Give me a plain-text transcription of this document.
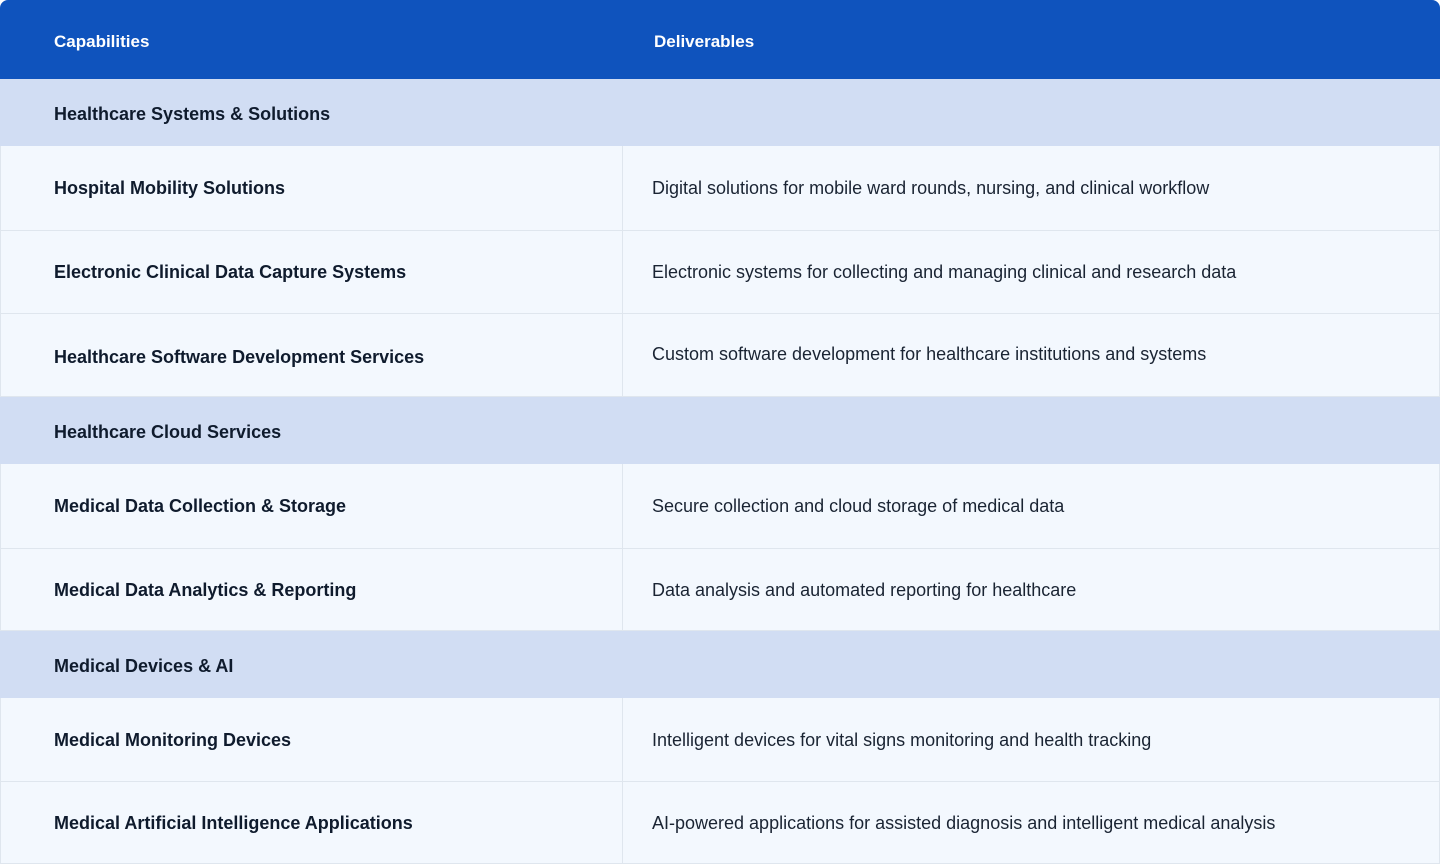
Capabilities	Deliverables
Healthcare Systems & Solutions
Hospital Mobility Solutions	Digital solutions for mobile ward rounds, nursing, and clinical workflow
Electronic Clinical Data Capture Systems	Electronic systems for collecting and managing clinical and research data
Healthcare Software Development Services	Custom software development for healthcare institutions and systems
Healthcare Cloud Services
Medical Data Collection & Storage	Secure collection and cloud storage of medical data
Medical Data Analytics & Reporting	Data analysis and automated reporting for healthcare
Medical Devices & AI
Medical Monitoring Devices	Intelligent devices for vital signs monitoring and health tracking
Medical Artificial Intelligence Applications	AI-powered applications for assisted diagnosis and intelligent medical analysis
